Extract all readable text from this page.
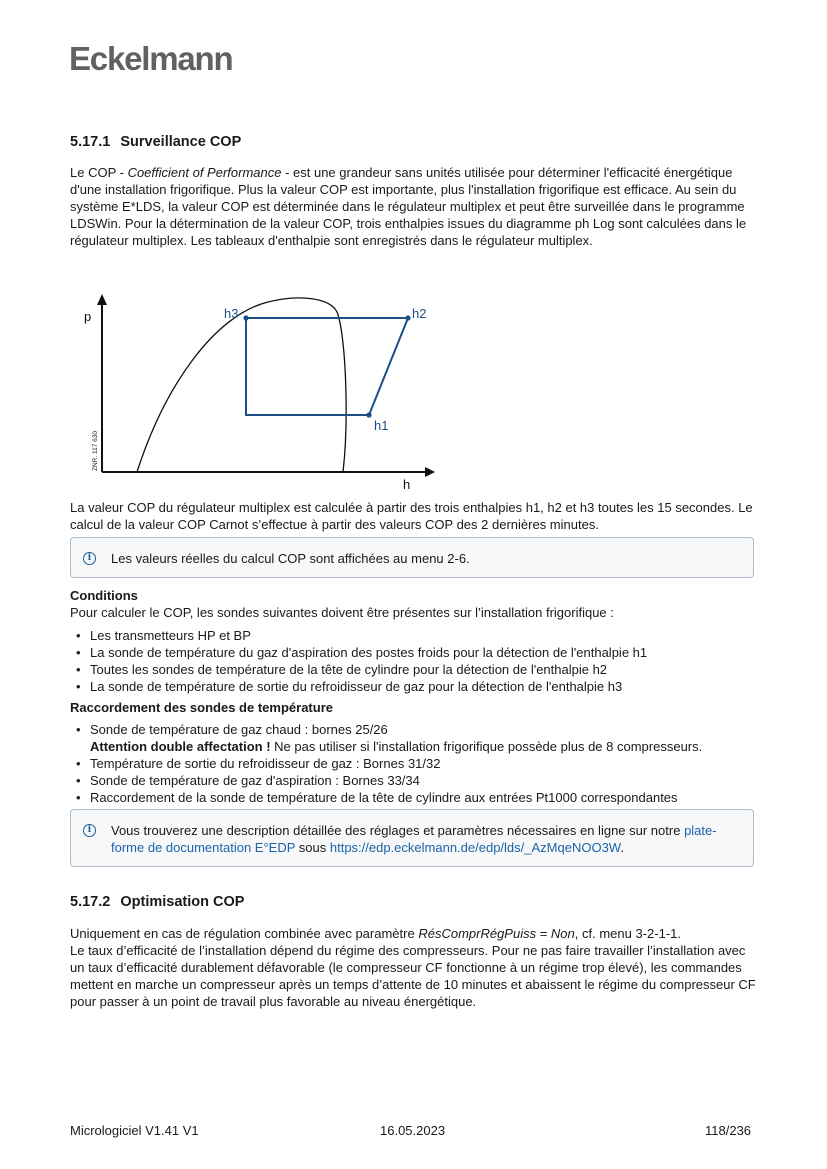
Eckelmann
5.17.1 Surveillance COP
Le COP - Coefficient of Performance - est une grandeur sans unités utilisée pour déterminer l'efficacité énergétique d'une installation frigorifique. Plus la valeur COP est importante, plus l'installation frigorifique est efficace. Au sein du système E*LDS, la valeur COP est déterminée dans le régulateur multiplex et peut être surveillée dans le programme LDSWin. Pour la détermination de la valeur COP, trois enthalpies issues du diagramme ph Log sont calculées dans le régulateur multiplex. Les tableaux d'enthalpie sont enregistrés dans le régulateur multiplex.
p
h
h3	h2
h1
ZNR. 117 630
La valeur COP du régulateur multiplex est calculée à partir des trois enthalpies h1, h2 et h3 toutes les 15 secondes. Le calcul de la valeur COP Carnot s’effectue à partir des valeurs COP des 2 dernières minutes.
i	Les valeurs réelles du calcul COP sont affichées au menu 2-6.
Conditions
Pour calculer le COP, les sondes suivantes doivent être présentes sur l’installation frigorifique :
• Les transmetteurs HP et BP
• La sonde de température du gaz d'aspiration des postes froids pour la détection de l'enthalpie h1
• Toutes les sondes de température de la tête de cylindre pour la détection de l'enthalpie h2
• La sonde de température de sortie du refroidisseur de gaz pour la détection de l'enthalpie h3
Raccordement des sondes de température
• Sonde de température de gaz chaud : bornes 25/26
Attention double affectation ! Ne pas utiliser si l'installation frigorifique possède plus de 8 compresseurs.
• Température de sortie du refroidisseur de gaz : Bornes 31/32
• Sonde de température de gaz d'aspiration : Bornes 33/34
• Raccordement de la sonde de température de la tête de cylindre aux entrées Pt1000 correspondantes
i	Vous trouverez une description détaillée des réglages et paramètres nécessaires en ligne sur notre plate-forme de documentation E°EDP sous https://edp.eckelmann.de/edp/lds/_AzMqeNOO3W.
5.17.2 Optimisation COP
Uniquement en cas de régulation combinée avec paramètre RésComprRégPuiss = Non, cf. menu 3-2-1-1.
Le taux d’efficacité de l’installation dépend du régime des compresseurs. Pour ne pas faire travailler l’installation avec un taux d’efficacité durablement défavorable (le compresseur CF fonctionne à un régime trop élevé), les commandes mettent en marche un compresseur après un temps d’attente de 10 minutes et abaissent le régime du compresseur CF pour passer à un point de travail plus favorable au niveau énergétique.
Micrologiciel V1.41 V1	16.05.2023	118/236
